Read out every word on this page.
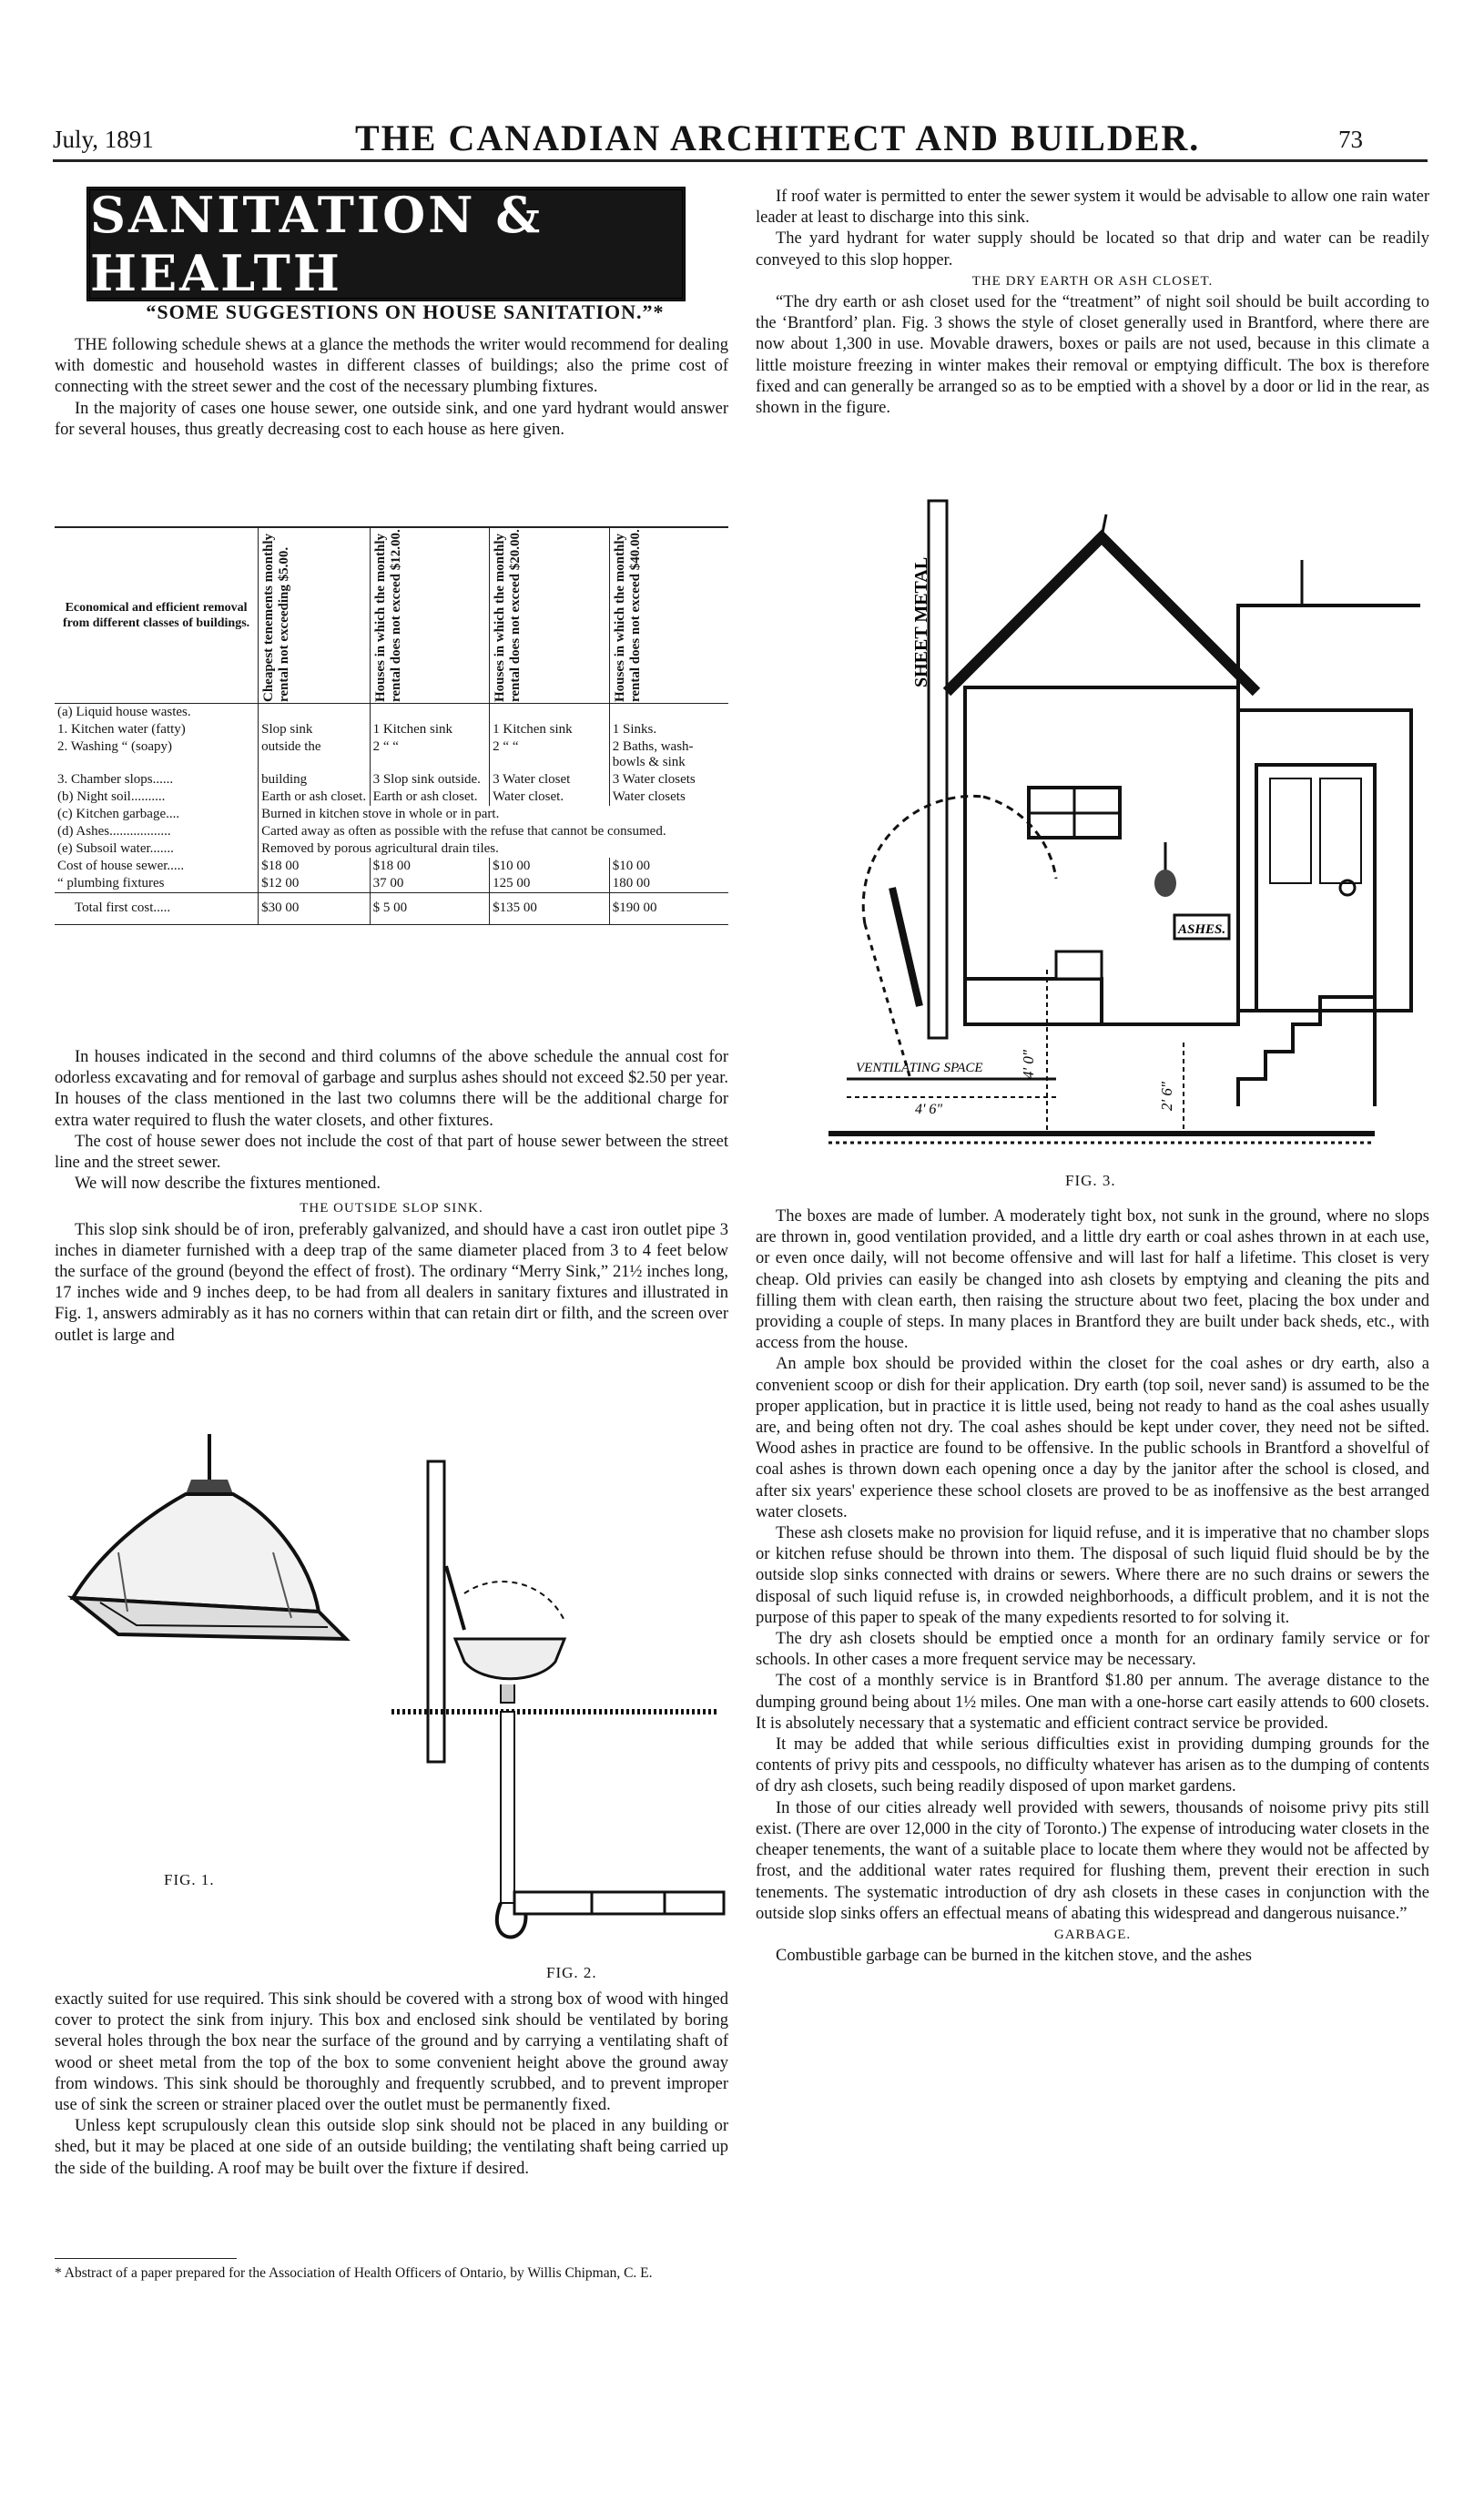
July, 1891	THE CANADIAN ARCHITECT AND BUILDER.	73
SANITATION & HEALTH
“SOME SUGGESTIONS ON HOUSE SANITATION.”*

THE following schedule shews at a glance the methods the writer would recommend for dealing with domestic and household wastes in different classes of buildings; also the prime cost of connecting with the street sewer and the cost of the necessary plumbing fixtures.

In the majority of cases one house sewer, one outside sink, and one yard hydrant would answer for several houses, thus greatly decreasing cost to each house as here given.

Economical and efficient removal from different classes of buildings.	Cheapest tenements monthly rental not exceeding $5.00.	Houses in which the monthly rental does not exceed $12.00.	Houses in which the monthly rental does not exceed $20.00.	Houses in which the monthly rental does not exceed $40.00.

(a) Liquid house wastes.				
1. Kitchen water (fatty)	Slop sink	1 Kitchen sink	1 Kitchen sink	1 Sinks.
2. Washing “ (soapy)	outside the	2 “ “	2 “ “	2 Baths, wash-bowls & sink
3. Chamber slops......	building	3 Slop sink outside.	3 Water closet	3 Water closets
(b) Night soil..........	Earth or ash closet.	Earth or ash closet.	Water closet.	Water closets
(c) Kitchen garbage....	Burned in kitchen stove in whole or in part.			
(d) Ashes..................	Carted away as often as possible with the refuse that cannot be consumed.			
(e) Subsoil water.......	Removed by porous agricultural drain tiles.			
Cost of house sewer.....	$18 00	$18 00	$10 00	$10 00
“ plumbing fixtures	$12 00	37 00	125 00	180 00
Total first cost.....	$30 00	$ 5 00	$135 00	$190 00

In houses indicated in the second and third columns of the above schedule the annual cost for odorless excavating and for removal of garbage and surplus ashes should not exceed $2.50 per year. In houses of the class mentioned in the last two columns there will be the additional charge for extra water required to flush the water closets, and other fixtures.

The cost of house sewer does not include the cost of that part of house sewer between the street line and the street sewer.

We will now describe the fixtures mentioned.

THE OUTSIDE SLOP SINK.

This slop sink should be of iron, preferably galvanized, and should have a cast iron outlet pipe 3 inches in diameter furnished with a deep trap of the same diameter placed from 3 to 4 feet below the surface of the ground (beyond the effect of frost). The ordinary “Merry Sink,” 21½ inches long, 17 inches wide and 9 inches deep, to be had from all dealers in sanitary fixtures and illustrated in Fig. 1, answers admirably as it has no corners within that can retain dirt or filth, and the screen over outlet is large and

FIG. 1.
FIG. 2.

exactly suited for use required. This sink should be covered with a strong box of wood with hinged cover to protect the sink from injury. This box and enclosed sink should be ventilated by boring several holes through the box near the surface of the ground and by carrying a ventilating shaft of wood or sheet metal from the top of the box to some convenient height above the ground away from windows. This sink should be thoroughly and frequently scrubbed, and to prevent improper use of sink the screen or strainer placed over the outlet must be permanently fixed.

Unless kept scrupulously clean this outside slop sink should not be placed in any building or shed, but it may be placed at one side of an outside building; the ventilating shaft being carried up the side of the building. A roof may be built over the fixture if desired.

* Abstract of a paper prepared for the Association of Health Officers of Ontario, by Willis Chipman, C. E.

If roof water is permitted to enter the sewer system it would be advisable to allow one rain water leader at least to discharge into this sink.

The yard hydrant for water supply should be located so that drip and water can be readily conveyed to this slop hopper.

THE DRY EARTH OR ASH CLOSET.

“The dry earth or ash closet used for the “treatment” of night soil should be built according to the ‘Brantford’ plan. Fig. 3 shows the style of closet generally used in Brantford, where there are now about 1,300 in use. Movable drawers, boxes or pails are not used, because in this climate a little moisture freezing in winter makes their removal or emptying difficult. The box is therefore fixed and can generally be arranged so as to be emptied with a shovel by a door or lid in the rear, as shown in the figure.

SHEET METAL
ASHES.
VENTILATING SPACE
4' 6"
4' 0"
2' 6"
FIG. 3.

The boxes are made of lumber. A moderately tight box, not sunk in the ground, where no slops are thrown in, good ventilation provided, and a little dry earth or coal ashes thrown in at each use, or even once daily, will not become offensive and will last for half a lifetime. This closet is very cheap. Old privies can easily be changed into ash closets by emptying and cleaning the pits and filling them with clean earth, then raising the structure about two feet, placing the box under and providing a couple of steps. In many places in Brantford they are built under back sheds, etc., with access from the house.

An ample box should be provided within the closet for the coal ashes or dry earth, also a convenient scoop or dish for their application. Dry earth (top soil, never sand) is assumed to be the proper application, but in practice it is little used, being not ready to hand as the coal ashes usually are, and being often not dry. The coal ashes should be kept under cover, they need not be sifted. Wood ashes in practice are found to be offensive. In the public schools in Brantford a shovelful of coal ashes is thrown down each opening once a day by the janitor after the school is closed, and after six years' experience these school closets are proved to be as inoffensive as the best arranged water closets.

These ash closets make no provision for liquid refuse, and it is imperative that no chamber slops or kitchen refuse should be thrown into them. The disposal of such liquid fluid should be by the outside slop sinks connected with drains or sewers. Where there are no such drains or sewers the disposal of such liquid refuse is, in crowded neighborhoods, a difficult problem, and it is not the purpose of this paper to speak of the many expedients resorted to for solving it.

The dry ash closets should be emptied once a month for an ordinary family service or for schools. In other cases a more frequent service may be necessary.

The cost of a monthly service is in Brantford $1.80 per annum. The average distance to the dumping ground being about 1½ miles. One man with a one-horse cart easily attends to 600 closets. It is absolutely necessary that a systematic and efficient contract service be provided.

It may be added that while serious difficulties exist in providing dumping grounds for the contents of privy pits and cesspools, no difficulty whatever has arisen as to the dumping of contents of dry ash closets, such being readily disposed of upon market gardens.

In those of our cities already well provided with sewers, thousands of noisome privy pits still exist. (There are over 12,000 in the city of Toronto.) The expense of introducing water closets in the cheaper tenements, the want of a suitable place to locate them where they would not be affected by frost, and the additional water rates required for flushing them, prevent their erection in such tenements. The systematic introduction of dry ash closets in these cases in conjunction with the outside slop sinks offers an effectual means of abating this widespread and dangerous nuisance.”

GARBAGE.

Combustible garbage can be burned in the kitchen stove, and the ashes
